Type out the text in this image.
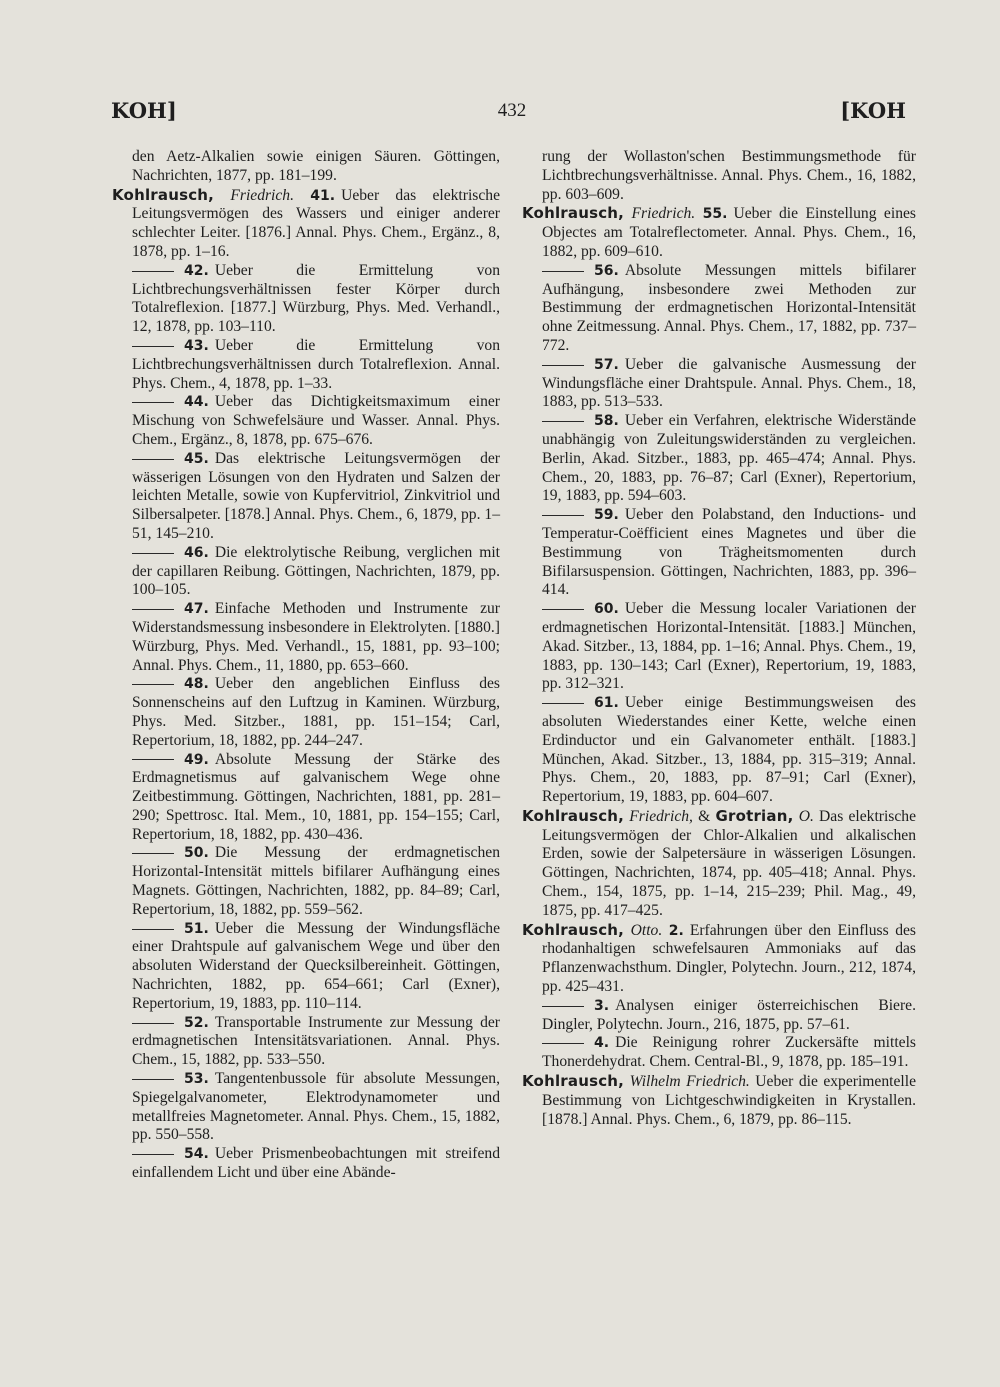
KOH]	432	[KOH

den Aetz-Alkalien sowie einigen Säuren. Göttingen, Nachrichten, 1877, pp. 181–199.

Kohlrausch, Friedrich. 41. Ueber das elektrische Leitungsvermögen des Wassers und einiger anderer schlechter Leiter. [1876.] Annal. Phys. Chem., Ergänz., 8, 1878, pp. 1–16.

42. Ueber die Ermittelung von Lichtbrechungsverhältnissen fester Körper durch Totalreflexion. [1877.] Würzburg, Phys. Med. Verhandl., 12, 1878, pp. 103–110.

43. Ueber die Ermittelung von Lichtbrechungsverhältnissen durch Totalreflexion. Annal. Phys. Chem., 4, 1878, pp. 1–33.

44. Ueber das Dichtigkeitsmaximum einer Mischung von Schwefelsäure und Wasser. Annal. Phys. Chem., Ergänz., 8, 1878, pp. 675–676.

45. Das elektrische Leitungsvermögen der wässerigen Lösungen von den Hydraten und Salzen der leichten Metalle, sowie von Kupfervitriol, Zinkvitriol und Silbersalpeter. [1878.] Annal. Phys. Chem., 6, 1879, pp. 1–51, 145–210.

46. Die elektrolytische Reibung, verglichen mit der capillaren Reibung. Göttingen, Nachrichten, 1879, pp. 100–105.

47. Einfache Methoden und Instrumente zur Widerstandsmessung insbesondere in Elektrolyten. [1880.] Würzburg, Phys. Med. Verhandl., 15, 1881, pp. 93–100; Annal. Phys. Chem., 11, 1880, pp. 653–660.

48. Ueber den angeblichen Einfluss des Sonnenscheins auf den Luftzug in Kaminen. Würzburg, Phys. Med. Sitzber., 1881, pp. 151–154; Carl, Repertorium, 18, 1882, pp. 244–247.

49. Absolute Messung der Stärke des Erdmagnetismus auf galvanischem Wege ohne Zeitbestimmung. Göttingen, Nachrichten, 1881, pp. 281–290; Spettrosc. Ital. Mem., 10, 1881, pp. 154–155; Carl, Repertorium, 18, 1882, pp. 430–436.

50. Die Messung der erdmagnetischen Horizontal-Intensität mittels bifilarer Aufhängung eines Magnets. Göttingen, Nachrichten, 1882, pp. 84–89; Carl, Repertorium, 18, 1882, pp. 559–562.

51. Ueber die Messung der Windungsfläche einer Drahtspule auf galvanischem Wege und über den absoluten Widerstand der Quecksilbereinheit. Göttingen, Nachrichten, 1882, pp. 654–661; Carl (Exner), Repertorium, 19, 1883, pp. 110–114.

52. Transportable Instrumente zur Messung der erdmagnetischen Intensitätsvariationen. Annal. Phys. Chem., 15, 1882, pp. 533–550.

53. Tangentenbussole für absolute Messungen, Spiegelgalvanometer, Elektrodynamometer und metallfreies Magnetometer. Annal. Phys. Chem., 15, 1882, pp. 550–558.

54. Ueber Prismenbeobachtungen mit streifend einfallendem Licht und über eine Abände-

rung der Wollaston'schen Bestimmungsmethode für Lichtbrechungsverhältnisse. Annal. Phys. Chem., 16, 1882, pp. 603–609.

Kohlrausch, Friedrich. 55. Ueber die Einstellung eines Objectes am Totalreflectometer. Annal. Phys. Chem., 16, 1882, pp. 609–610.

56. Absolute Messungen mittels bifilarer Aufhängung, insbesondere zwei Methoden zur Bestimmung der erdmagnetischen Horizontal-Intensität ohne Zeitmessung. Annal. Phys. Chem., 17, 1882, pp. 737–772.

57. Ueber die galvanische Ausmessung der Windungsfläche einer Drahtspule. Annal. Phys. Chem., 18, 1883, pp. 513–533.

58. Ueber ein Verfahren, elektrische Widerstände unabhängig von Zuleitungswiderständen zu vergleichen. Berlin, Akad. Sitzber., 1883, pp. 465–474; Annal. Phys. Chem., 20, 1883, pp. 76–87; Carl (Exner), Repertorium, 19, 1883, pp. 594–603.

59. Ueber den Polabstand, den Inductions- und Temperatur-Coëfficient eines Magnetes und über die Bestimmung von Trägheitsmomenten durch Bifilarsuspension. Göttingen, Nachrichten, 1883, pp. 396–414.

60. Ueber die Messung localer Variationen der erdmagnetischen Horizontal-Intensität. [1883.] München, Akad. Sitzber., 13, 1884, pp. 1–16; Annal. Phys. Chem., 19, 1883, pp. 130–143; Carl (Exner), Repertorium, 19, 1883, pp. 312–321.

61. Ueber einige Bestimmungsweisen des absoluten Wiederstandes einer Kette, welche einen Erdinductor und ein Galvanometer enthält. [1883.] München, Akad. Sitzber., 13, 1884, pp. 315–319; Annal. Phys. Chem., 20, 1883, pp. 87–91; Carl (Exner), Repertorium, 19, 1883, pp. 604–607.

Kohlrausch, Friedrich, & Grotrian, O. Das elektrische Leitungsvermögen der Chlor-Alkalien und alkalischen Erden, sowie der Salpetersäure in wässerigen Lösungen. Göttingen, Nachrichten, 1874, pp. 405–418; Annal. Phys. Chem., 154, 1875, pp. 1–14, 215–239; Phil. Mag., 49, 1875, pp. 417–425.

Kohlrausch, Otto. 2. Erfahrungen über den Einfluss des rhodanhaltigen schwefelsauren Ammoniaks auf das Pflanzenwachsthum. Dingler, Polytechn. Journ., 212, 1874, pp. 425–431.

3. Analysen einiger österreichischen Biere. Dingler, Polytechn. Journ., 216, 1875, pp. 57–61.

4. Die Reinigung rohrer Zuckersäfte mittels Thonerdehydrat. Chem. Central-Bl., 9, 1878, pp. 185–191.

Kohlrausch, Wilhelm Friedrich. Ueber die experimentelle Bestimmung von Lichtgeschwindigkeiten in Krystallen. [1878.] Annal. Phys. Chem., 6, 1879, pp. 86–115.
